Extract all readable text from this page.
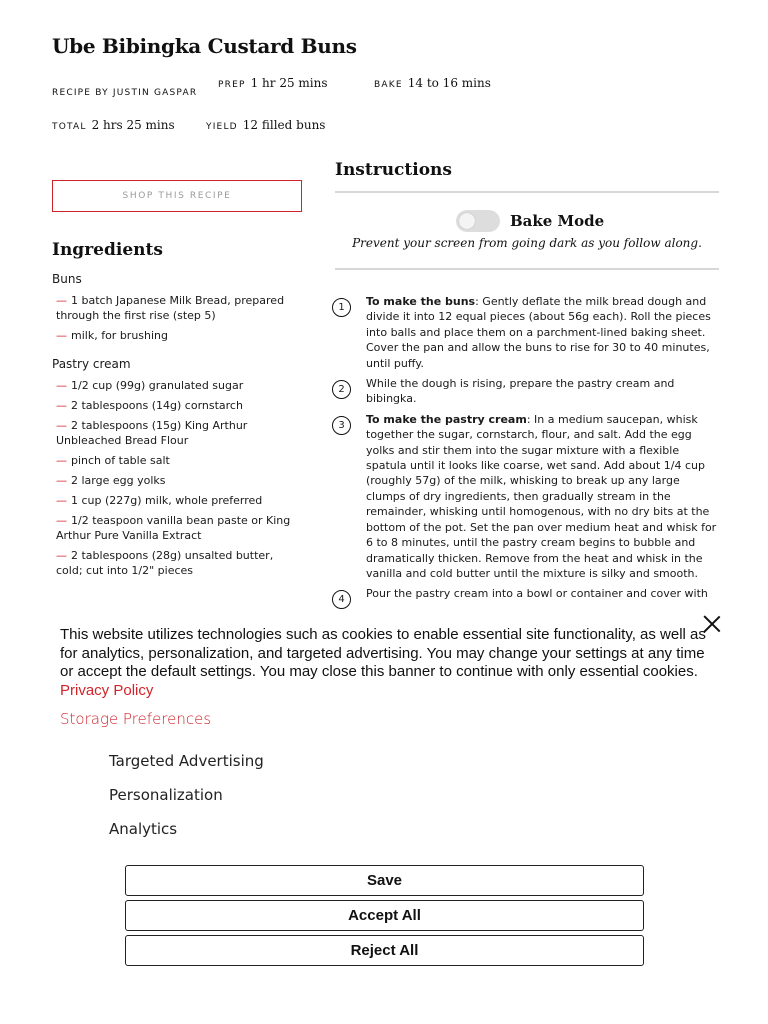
Ube Bibingka Custard Buns
RECIPE BY JUSTIN GASPAR
PREP 1 hr 25 mins	BAKE 14 to 16 mins
TOTAL 2 hrs 25 mins	YIELD 12 filled buns
SHOP THIS RECIPE
Ingredients
Buns
— 1 batch Japanese Milk Bread, prepared through the first rise (step 5)
— milk, for brushing
Pastry cream
— 1/2 cup (99g) granulated sugar
— 2 tablespoons (14g) cornstarch
— 2 tablespoons (15g) King Arthur Unbleached Bread Flour
— pinch of table salt
— 2 large egg yolks
— 1 cup (227g) milk, whole preferred
— 1/2 teaspoon vanilla bean paste or King Arthur Pure Vanilla Extract
— 2 tablespoons (28g) unsalted butter, cold; cut into 1/2" pieces
Instructions
Bake Mode
Prevent your screen from going dark as you follow along.
1	To make the buns: Gently deflate the milk bread dough and divide it into 12 equal pieces (about 56g each). Roll the pieces into balls and place them on a parchment-lined baking sheet. Cover the pan and allow the buns to rise for 30 to 40 minutes, until puffy.
2	While the dough is rising, prepare the pastry cream and bibingka.
3	To make the pastry cream: In a medium saucepan, whisk together the sugar, cornstarch, flour, and salt. Add the egg yolks and stir them into the sugar mixture with a flexible spatula until it looks like coarse, wet sand. Add about 1/4 cup (roughly 57g) of the milk, whisking to break up any large clumps of dry ingredients, then gradually stream in the remainder, whisking until homogenous, with no dry bits at the bottom of the pot. Set the pan over medium heat and whisk for 6 to 8 minutes, until the pastry cream begins to bubble and dramatically thicken. Remove from the heat and whisk in the vanilla and cold butter until the mixture is silky and smooth.
4	Pour the pastry cream into a bowl or container and cover with
This website utilizes technologies such as cookies to enable essential site functionality, as well as for analytics, personalization, and targeted advertising. You may change your settings at any time or accept the default settings. You may close this banner to continue with only essential cookies. Privacy Policy
Storage Preferences
Targeted Advertising
Personalization
Analytics
Save
Accept All
Reject All
